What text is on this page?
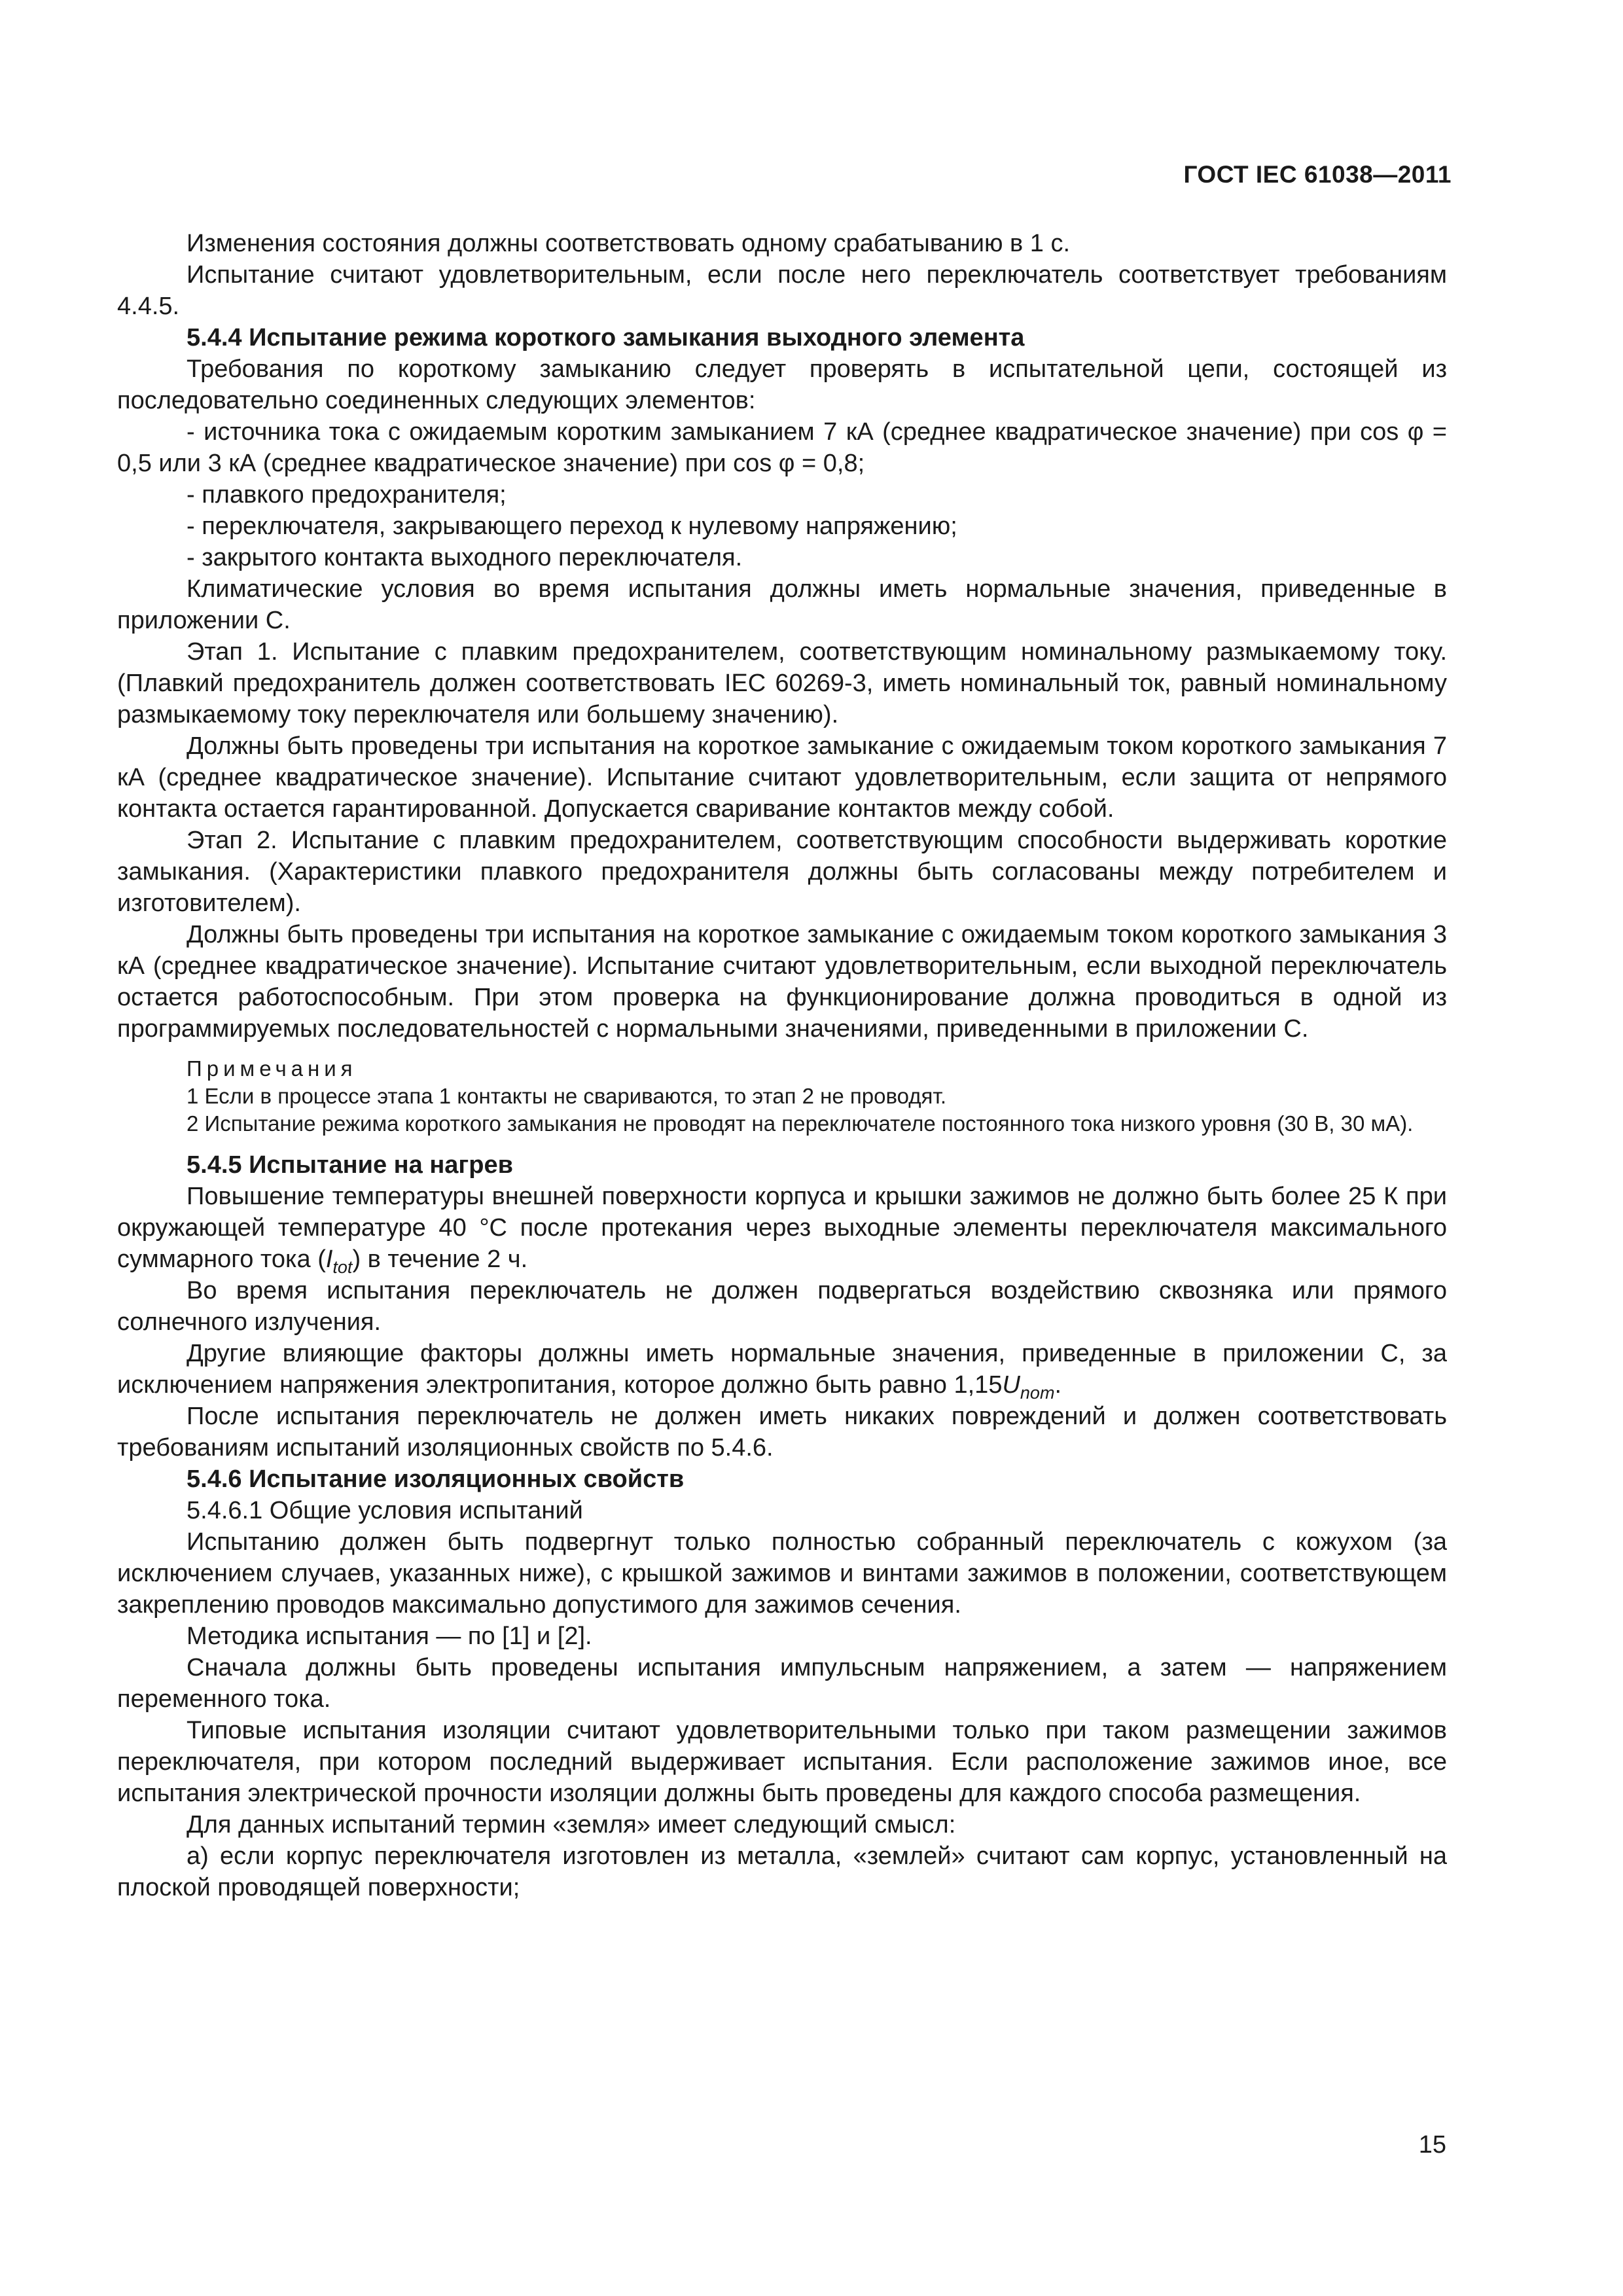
ГОСТ IEC 61038—2011

Изменения состояния должны соответствовать одному срабатыванию в 1 с.

Испытание считают удовлетворительным, если после него переключатель соответствует требованиям 4.4.5.

5.4.4 Испытание режима короткого замыкания выходного элемента

Требования по короткому замыканию следует проверять в испытательной цепи, состоящей из последовательно соединенных следующих элементов:

- источника тока с ожидаемым коротким замыканием 7 кА (среднее квадратическое значение) при cos φ = 0,5 или 3 кА (среднее квадратическое значение) при cos φ = 0,8;

- плавкого предохранителя;

- переключателя, закрывающего переход к нулевому напряжению;

- закрытого контакта выходного переключателя.

Климатические условия во время испытания должны иметь нормальные значения, приведенные в приложении С.

Этап 1. Испытание с плавким предохранителем, соответствующим номинальному размыкаемому току. (Плавкий предохранитель должен соответствовать IEC 60269-3, иметь номинальный ток, равный номинальному размыкаемому току переключателя или большему значению).

Должны быть проведены три испытания на короткое замыкание с ожидаемым током короткого замыкания 7 кА (среднее квадратическое значение). Испытание считают удовлетворительным, если защита от непрямого контакта остается гарантированной. Допускается сваривание контактов между собой.

Этап 2. Испытание с плавким предохранителем, соответствующим способности выдерживать короткие замыкания. (Характеристики плавкого предохранителя должны быть согласованы между потребителем и изготовителем).

Должны быть проведены три испытания на короткое замыкание с ожидаемым током короткого замыкания 3 кА (среднее квадратическое значение). Испытание считают удовлетворительным, если выходной переключатель остается работоспособным. При этом проверка на функционирование должна проводиться в одной из программируемых последовательностей с нормальными значениями, приведенными в приложении С.

Примечания

1 Если в процессе этапа 1 контакты не свариваются, то этап 2 не проводят.

2 Испытание режима короткого замыкания не проводят на переключателе постоянного тока низкого уровня (30 В, 30 мА).

5.4.5 Испытание на нагрев

Повышение температуры внешней поверхности корпуса и крышки зажимов не должно быть более 25 К при окружающей температуре 40 °С после протекания через выходные элементы переключателя максимального суммарного тока $(I_{tot})$ в течение 2 ч.

Во время испытания переключатель не должен подвергаться воздействию сквозняка или прямого солнечного излучения.

Другие влияющие факторы должны иметь нормальные значения, приведенные в приложении С, за исключением напряжения электропитания, которое должно быть равно $1,15U_{nom}$.

После испытания переключатель не должен иметь никаких повреждений и должен соответствовать требованиям испытаний изоляционных свойств по 5.4.6.

5.4.6 Испытание изоляционных свойств

5.4.6.1 Общие условия испытаний

Испытанию должен быть подвергнут только полностью собранный переключатель с кожухом (за исключением случаев, указанных ниже), с крышкой зажимов и винтами зажимов в положении, соответствующем закреплению проводов максимально допустимого для зажимов сечения.

Методика испытания — по [1] и [2].

Сначала должны быть проведены испытания импульсным напряжением, а затем — напряжением переменного тока.

Типовые испытания изоляции считают удовлетворительными только при таком размещении зажимов переключателя, при котором последний выдерживает испытания. Если расположение зажимов иное, все испытания электрической прочности изоляции должны быть проведены для каждого способа размещения.

Для данных испытаний термин «земля» имеет следующий смысл:

а) если корпус переключателя изготовлен из металла, «землей» считают сам корпус, установленный на плоской проводящей поверхности;

15
